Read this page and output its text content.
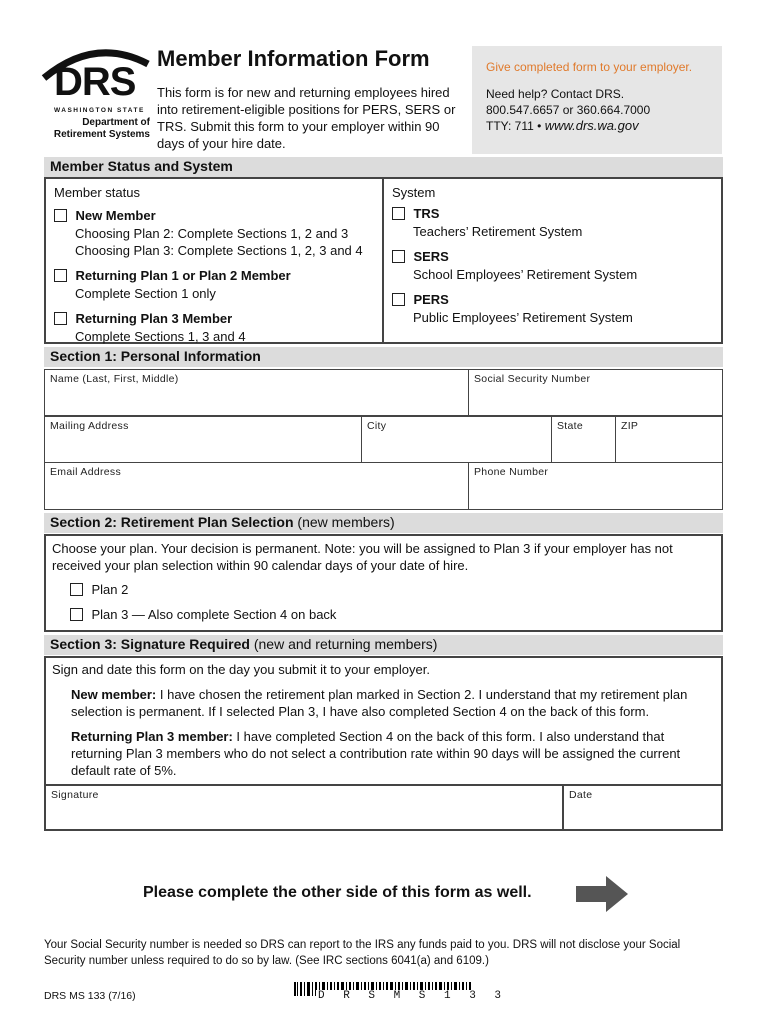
DRS
WASHINGTON STATE
Department of
Retirement Systems
Member Information Form
This form is for new and returning employees hired into retirement-eligible positions for PERS, SERS or TRS. Submit this form to your employer within 90 days of your hire date.
Give completed form to your employer.
Need help? Contact DRS.
800.547.6657 or 360.664.7000
TTY: 711 • www.drs.wa.gov
Member Status and System
Member status
New Member
Choosing Plan 2: Complete Sections 1, 2 and 3
Choosing Plan 3: Complete Sections 1, 2, 3 and 4
Returning Plan 1 or Plan 2 Member
Complete Section 1 only
Returning Plan 3 Member
Complete Sections 1, 3 and 4
System
TRS
Teachers’ Retirement System
SERS
School Employees’ Retirement System
PERS
Public Employees’ Retirement System
Section 1: Personal Information
Name (Last, First, Middle)	Social Security Number
Mailing Address	City	State	ZIP
Email Address	Phone Number
Section 2: Retirement Plan Selection (new members)
Choose your plan. Your decision is permanent. Note: you will be assigned to Plan 3 if your employer has not received your plan selection within 90 calendar days of your date of hire.
Plan 2
Plan 3 — Also complete Section 4 on back
Section 3: Signature Required (new and returning members)
Sign and date this form on the day you submit it to your employer.
New member: I have chosen the retirement plan marked in Section 2. I understand that my retirement plan selection is permanent. If I selected Plan 3, I have also completed Section 4 on the back of this form.
Returning Plan 3 member: I have completed Section 4 on the back of this form. I also understand that returning Plan 3 members who do not select a contribution rate within 90 days will be assigned the current default rate of 5%.
Signature	Date
Please complete the other side of this form as well.
Your Social Security number is needed so DRS can report to the IRS any funds paid to you. DRS will not disclose your Social Security number unless required to do so by law. (See IRC sections 6041(a) and 6109.)
DRS MS 133 (7/16)	D R S M S 1 3 3
